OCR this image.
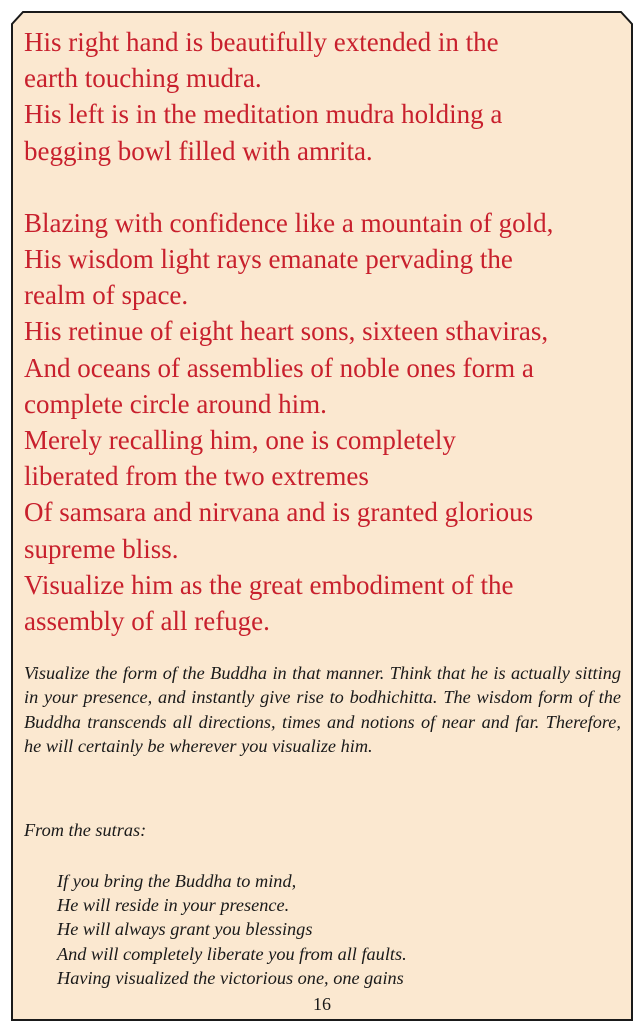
His right hand is beautifully extended in the
earth touching mudra.
His left is in the meditation mudra holding a
begging bowl filled with amrita.

Blazing with confidence like a mountain of gold,
His wisdom light rays emanate pervading the
realm of space.
His retinue of eight heart sons, sixteen sthaviras,
And oceans of assemblies of noble ones form a
complete circle around him.
Merely recalling him, one is completely
liberated from the two extremes
Of samsara and nirvana and is granted glorious
supreme bliss.
Visualize him as the great embodiment of the
assembly of all refuge.

Visualize the form of the Buddha in that manner. Think that he is actually sitting in your presence, and instantly give rise to bodhichitta. The wisdom form of the Buddha transcends all directions, times and notions of near and far. Therefore, he will certainly be wherever you visualize him.

From the sutras:

If you bring the Buddha to mind,
He will reside in your presence.
He will always grant you blessings
And will completely liberate you from all faults.
Having visualized the victorious one, one gains

16
